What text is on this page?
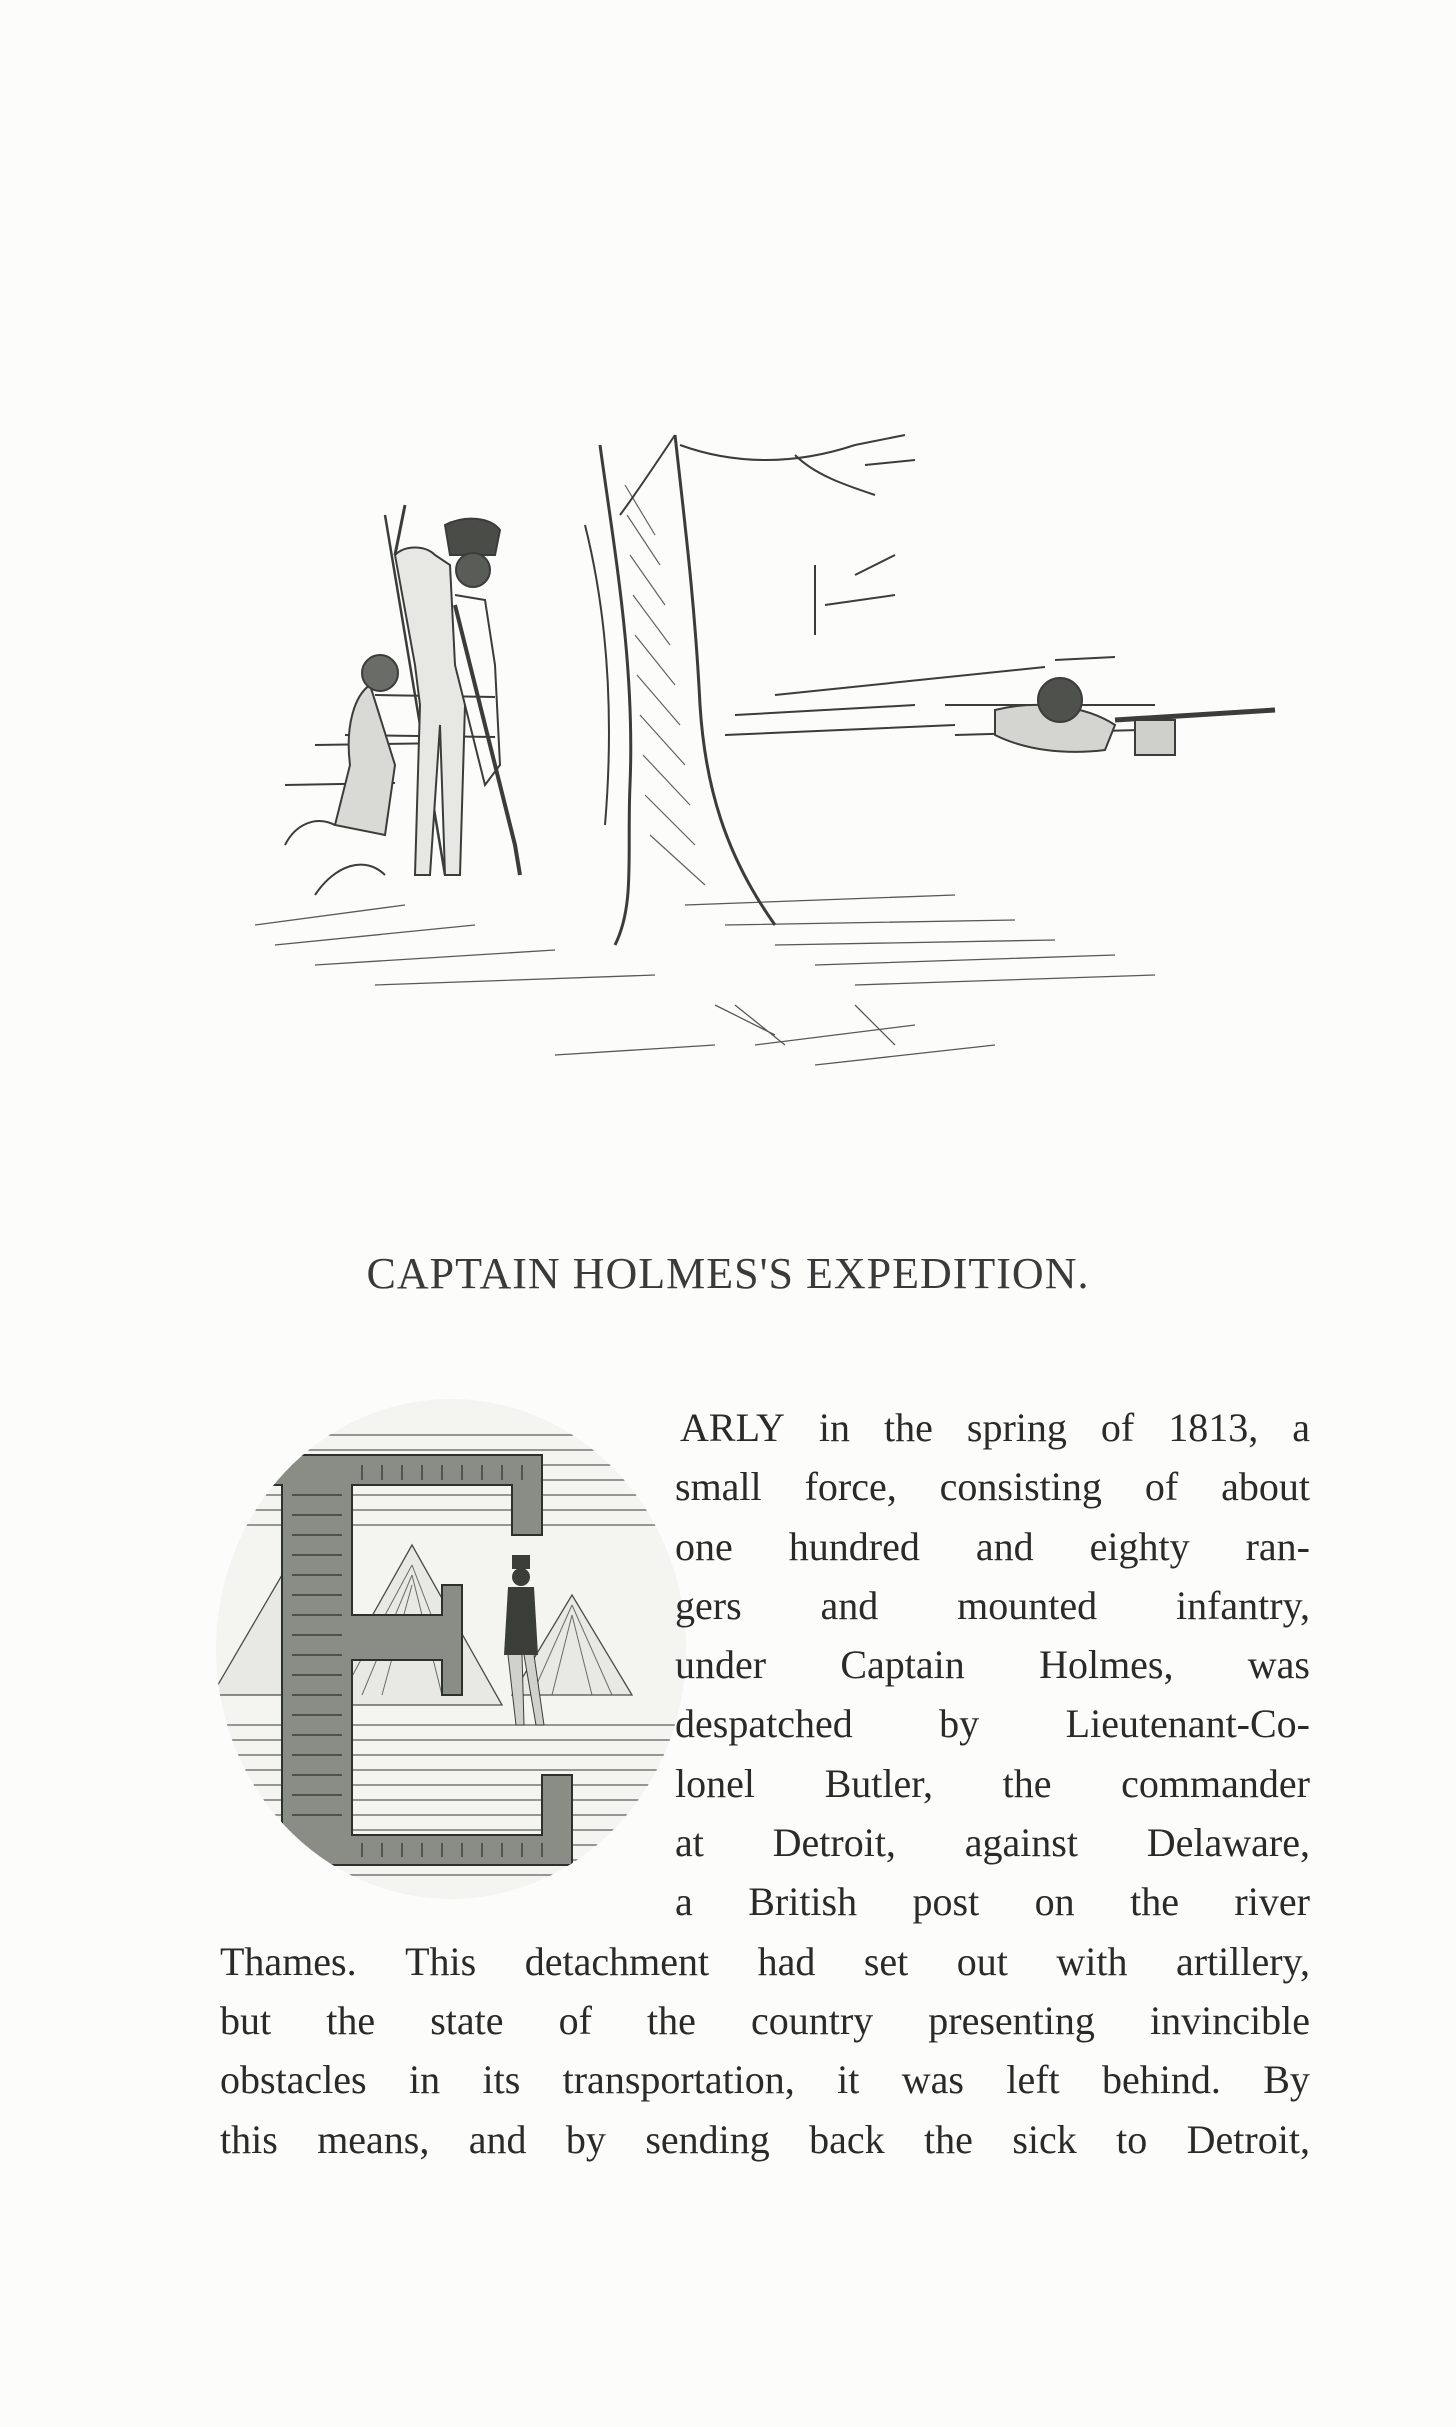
CAPTAIN HOLMES'S EXPEDITION.
ARLY in the spring of 1813, a
small force, consisting of about
one hundred and eighty ran-
gers and mounted infantry,
under Captain Holmes, was
despatched by Lieutenant-Co-
lonel Butler, the commander
at Detroit, against Delaware,
a British post on the river
Thames. This detachment had set out with artillery,
but the state of the country presenting invincible
obstacles in its transportation, it was left behind. By
this means, and by sending back the sick to Detroit,
